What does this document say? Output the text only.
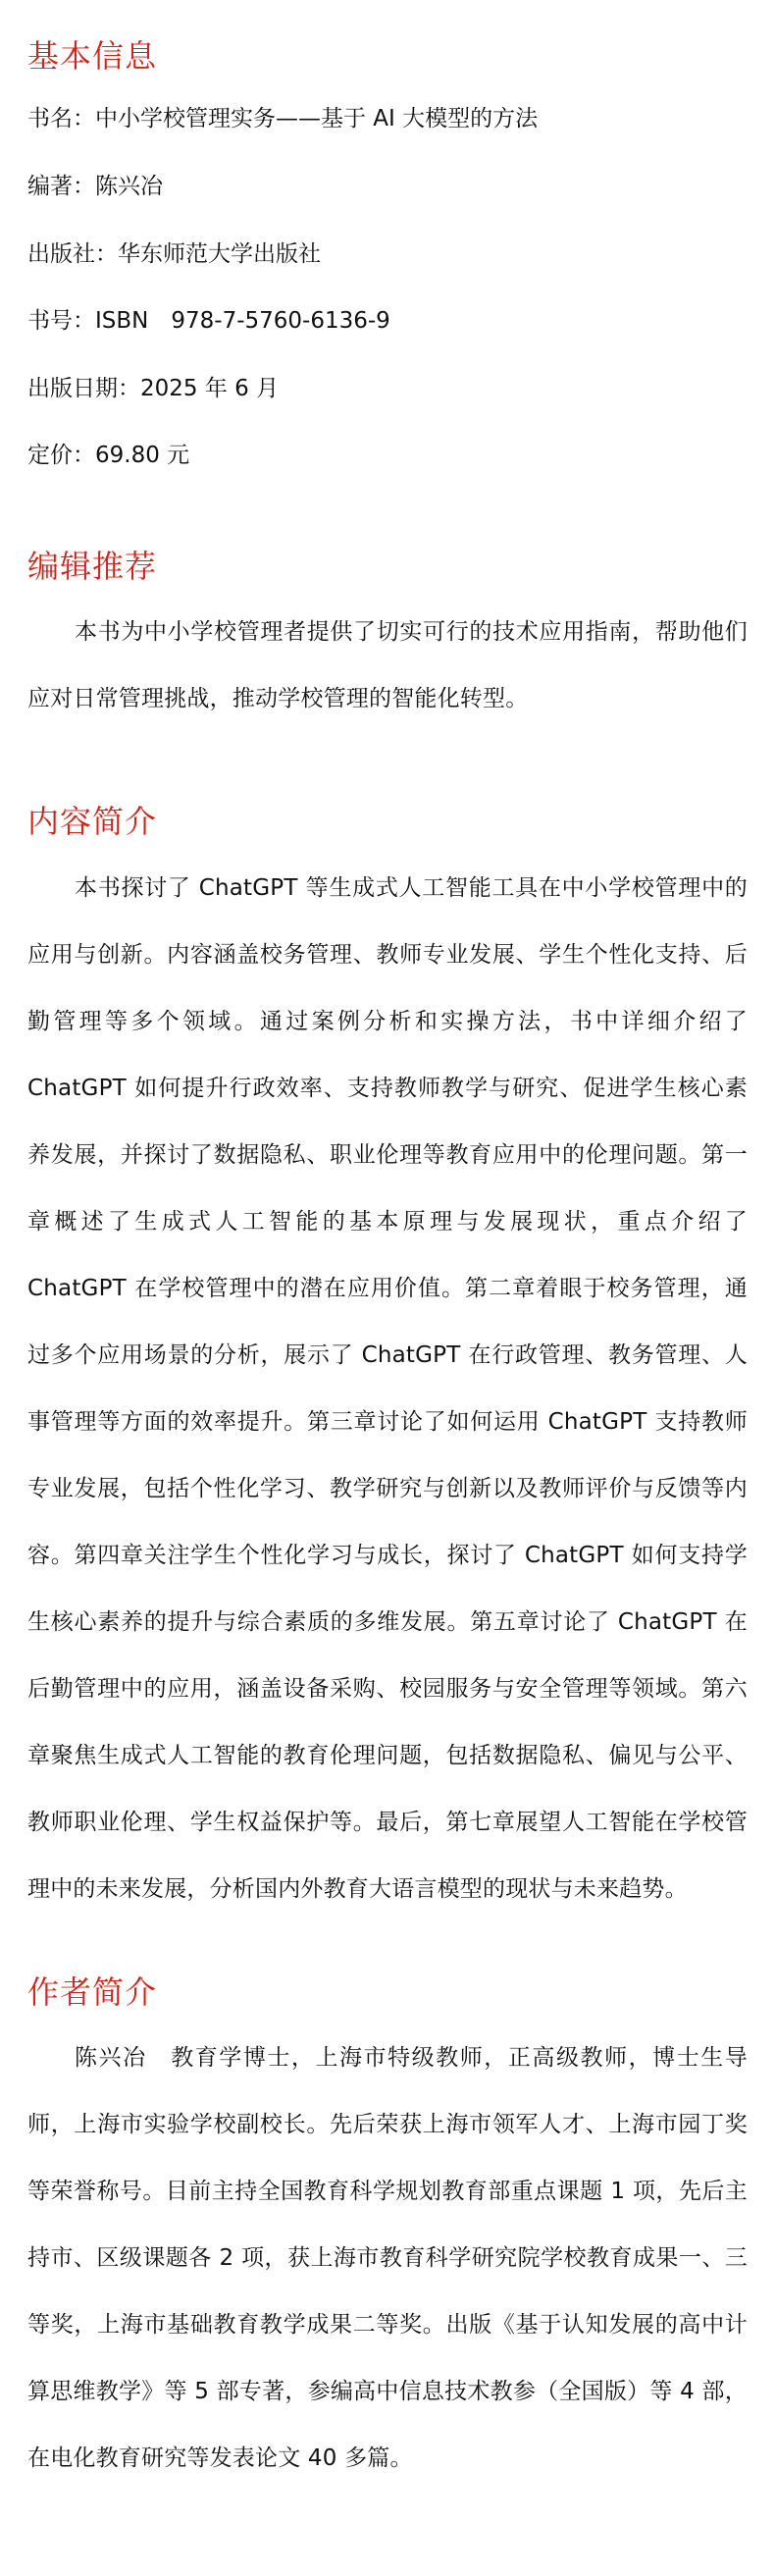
基本信息

书名：中小学校管理实务——基于 AI 大模型的方法

编著：陈兴冶

出版社：华东师范大学出版社

书号：ISBN　978-7-5760-6136-9

出版日期：2025 年 6 月

定价：69.80 元

编辑推荐

本书为中小学校管理者提供了切实可行的技术应用指南，帮助他们应对日常管理挑战，推动学校管理的智能化转型。

内容简介

本书探讨了 ChatGPT 等生成式人工智能工具在中小学校管理中的应用与创新。内容涵盖校务管理、教师专业发展、学生个性化支持、后勤管理等多个领域。通过案例分析和实操方法，书中详细介绍了 ChatGPT 如何提升行政效率、支持教师教学与研究、促进学生核心素养发展，并探讨了数据隐私、职业伦理等教育应用中的伦理问题。第一章概述了生成式人工智能的基本原理与发展现状，重点介绍了 ChatGPT 在学校管理中的潜在应用价值。第二章着眼于校务管理，通过多个应用场景的分析，展示了 ChatGPT 在行政管理、教务管理、人事管理等方面的效率提升。第三章讨论了如何运用 ChatGPT 支持教师专业发展，包括个性化学习、教学研究与创新以及教师评价与反馈等内容。第四章关注学生个性化学习与成长，探讨了 ChatGPT 如何支持学生核心素养的提升与综合素质的多维发展。第五章讨论了 ChatGPT 在后勤管理中的应用，涵盖设备采购、校园服务与安全管理等领域。第六章聚焦生成式人工智能的教育伦理问题，包括数据隐私、偏见与公平、教师职业伦理、学生权益保护等。最后，第七章展望人工智能在学校管理中的未来发展，分析国内外教育大语言模型的现状与未来趋势。

作者简介

陈兴冶　教育学博士，上海市特级教师，正高级教师，博士生导师，上海市实验学校副校长。先后荣获上海市领军人才、上海市园丁奖等荣誉称号。目前主持全国教育科学规划教育部重点课题 1 项，先后主持市、区级课题各 2 项，获上海市教育科学研究院学校教育成果一、三等奖，上海市基础教育教学成果二等奖。出版《基于认知发展的高中计算思维教学》等 5 部专著，参编高中信息技术教参（全国版）等 4 部，在电化教育研究等发表论文 40 多篇。
